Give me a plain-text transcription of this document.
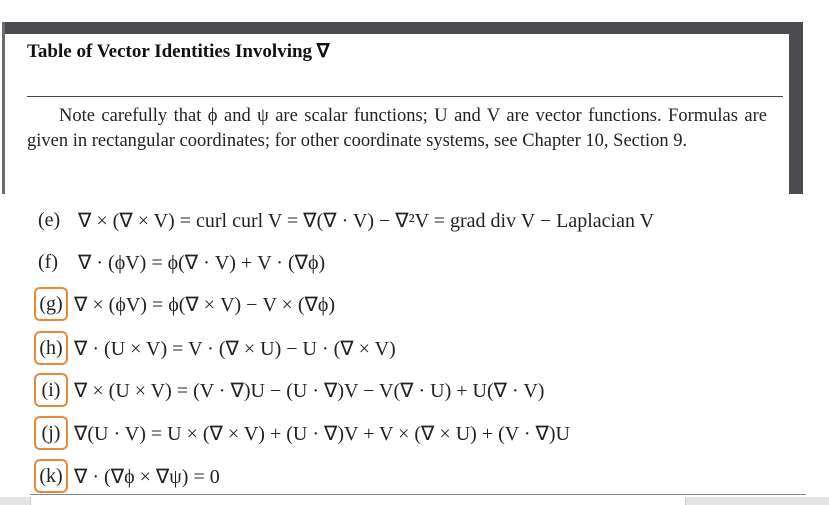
Table of Vector Identities Involving ∇
Note carefully that ϕ and ψ are scalar functions; U and V are vector functions. Formulas are given in rectangular coordinates; for other coordinate systems, see Chapter 10, Section 9.
(e) ∇ × (∇ × V) = curl curl V = ∇(∇ · V) − ∇²V = grad div V − Laplacian V
(f)	∇ · (ϕV) = ϕ(∇ · V) + V · (∇ϕ)
(g) ∇ × (ϕV) = ϕ(∇ × V) − V × (∇ϕ)
(h) ∇ · (U × V) = V · (∇ × U) − U · (∇ × V)
(i) ∇ × (U × V) = (V · ∇)U − (U · ∇)V − V(∇ · U) + U(∇ · V)
(j) ∇(U · V) = U × (∇ × V) + (U · ∇)V + V × (∇ × U) + (V · ∇)U
(k) ∇ · (∇ϕ × ∇ψ) = 0
